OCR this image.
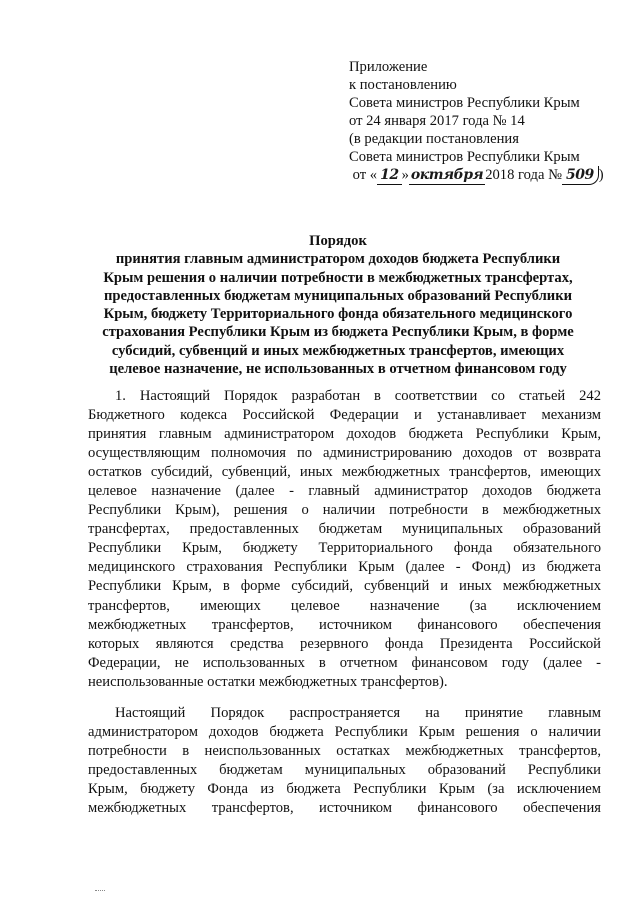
Приложение
к постановлению
Совета министров Республики Крым
от 24 января 2017 года № 14
(в редакции постановления
Совета министров Республики Крым
от « 12 » октября 2018 года № 509 )
Порядок
принятия главным администратором доходов бюджета Республики
Крым решения о наличии потребности в межбюджетных трансфертах,
предоставленных бюджетам муниципальных образований Республики
Крым, бюджету Территориального фонда обязательного медицинского
страхования Республики Крым из бюджета Республики Крым, в форме
субсидий, субвенций и иных межбюджетных трансфертов, имеющих
целевое назначение, не использованных в отчетном финансовом году
1. Настоящий Порядок разработан в соответствии со статьей 242
Бюджетного кодекса Российской Федерации и устанавливает механизм
принятия главным администратором доходов бюджета Республики Крым,
осуществляющим полномочия по администрированию доходов от возврата
остатков субсидий, субвенций, иных межбюджетных трансфертов, имеющих
целевое назначение (далее - главный администратор доходов бюджета
Республики Крым), решения о наличии потребности в межбюджетных
трансфертах, предоставленных бюджетам муниципальных образований
Республики Крым, бюджету Территориального фонда обязательного
медицинского страхования Республики Крым (далее - Фонд) из бюджета
Республики Крым, в форме субсидий, субвенций и иных межбюджетных
трансфертов, имеющих целевое назначение (за исключением
межбюджетных трансфертов, источником финансового обеспечения
которых являются средства резервного фонда Президента Российской
Федерации, не использованных в отчетном финансовом году (далее -
неиспользованные остатки межбюджетных трансфертов).
Настоящий Порядок распространяется на принятие главным
администратором доходов бюджета Республики Крым решения о наличии
потребности в неиспользованных остатках межбюджетных трансфертов,
предоставленных бюджетам муниципальных образований Республики
Крым, бюджету Фонда из бюджета Республики Крым (за исключением
межбюджетных трансфертов, источником финансового обеспечения
